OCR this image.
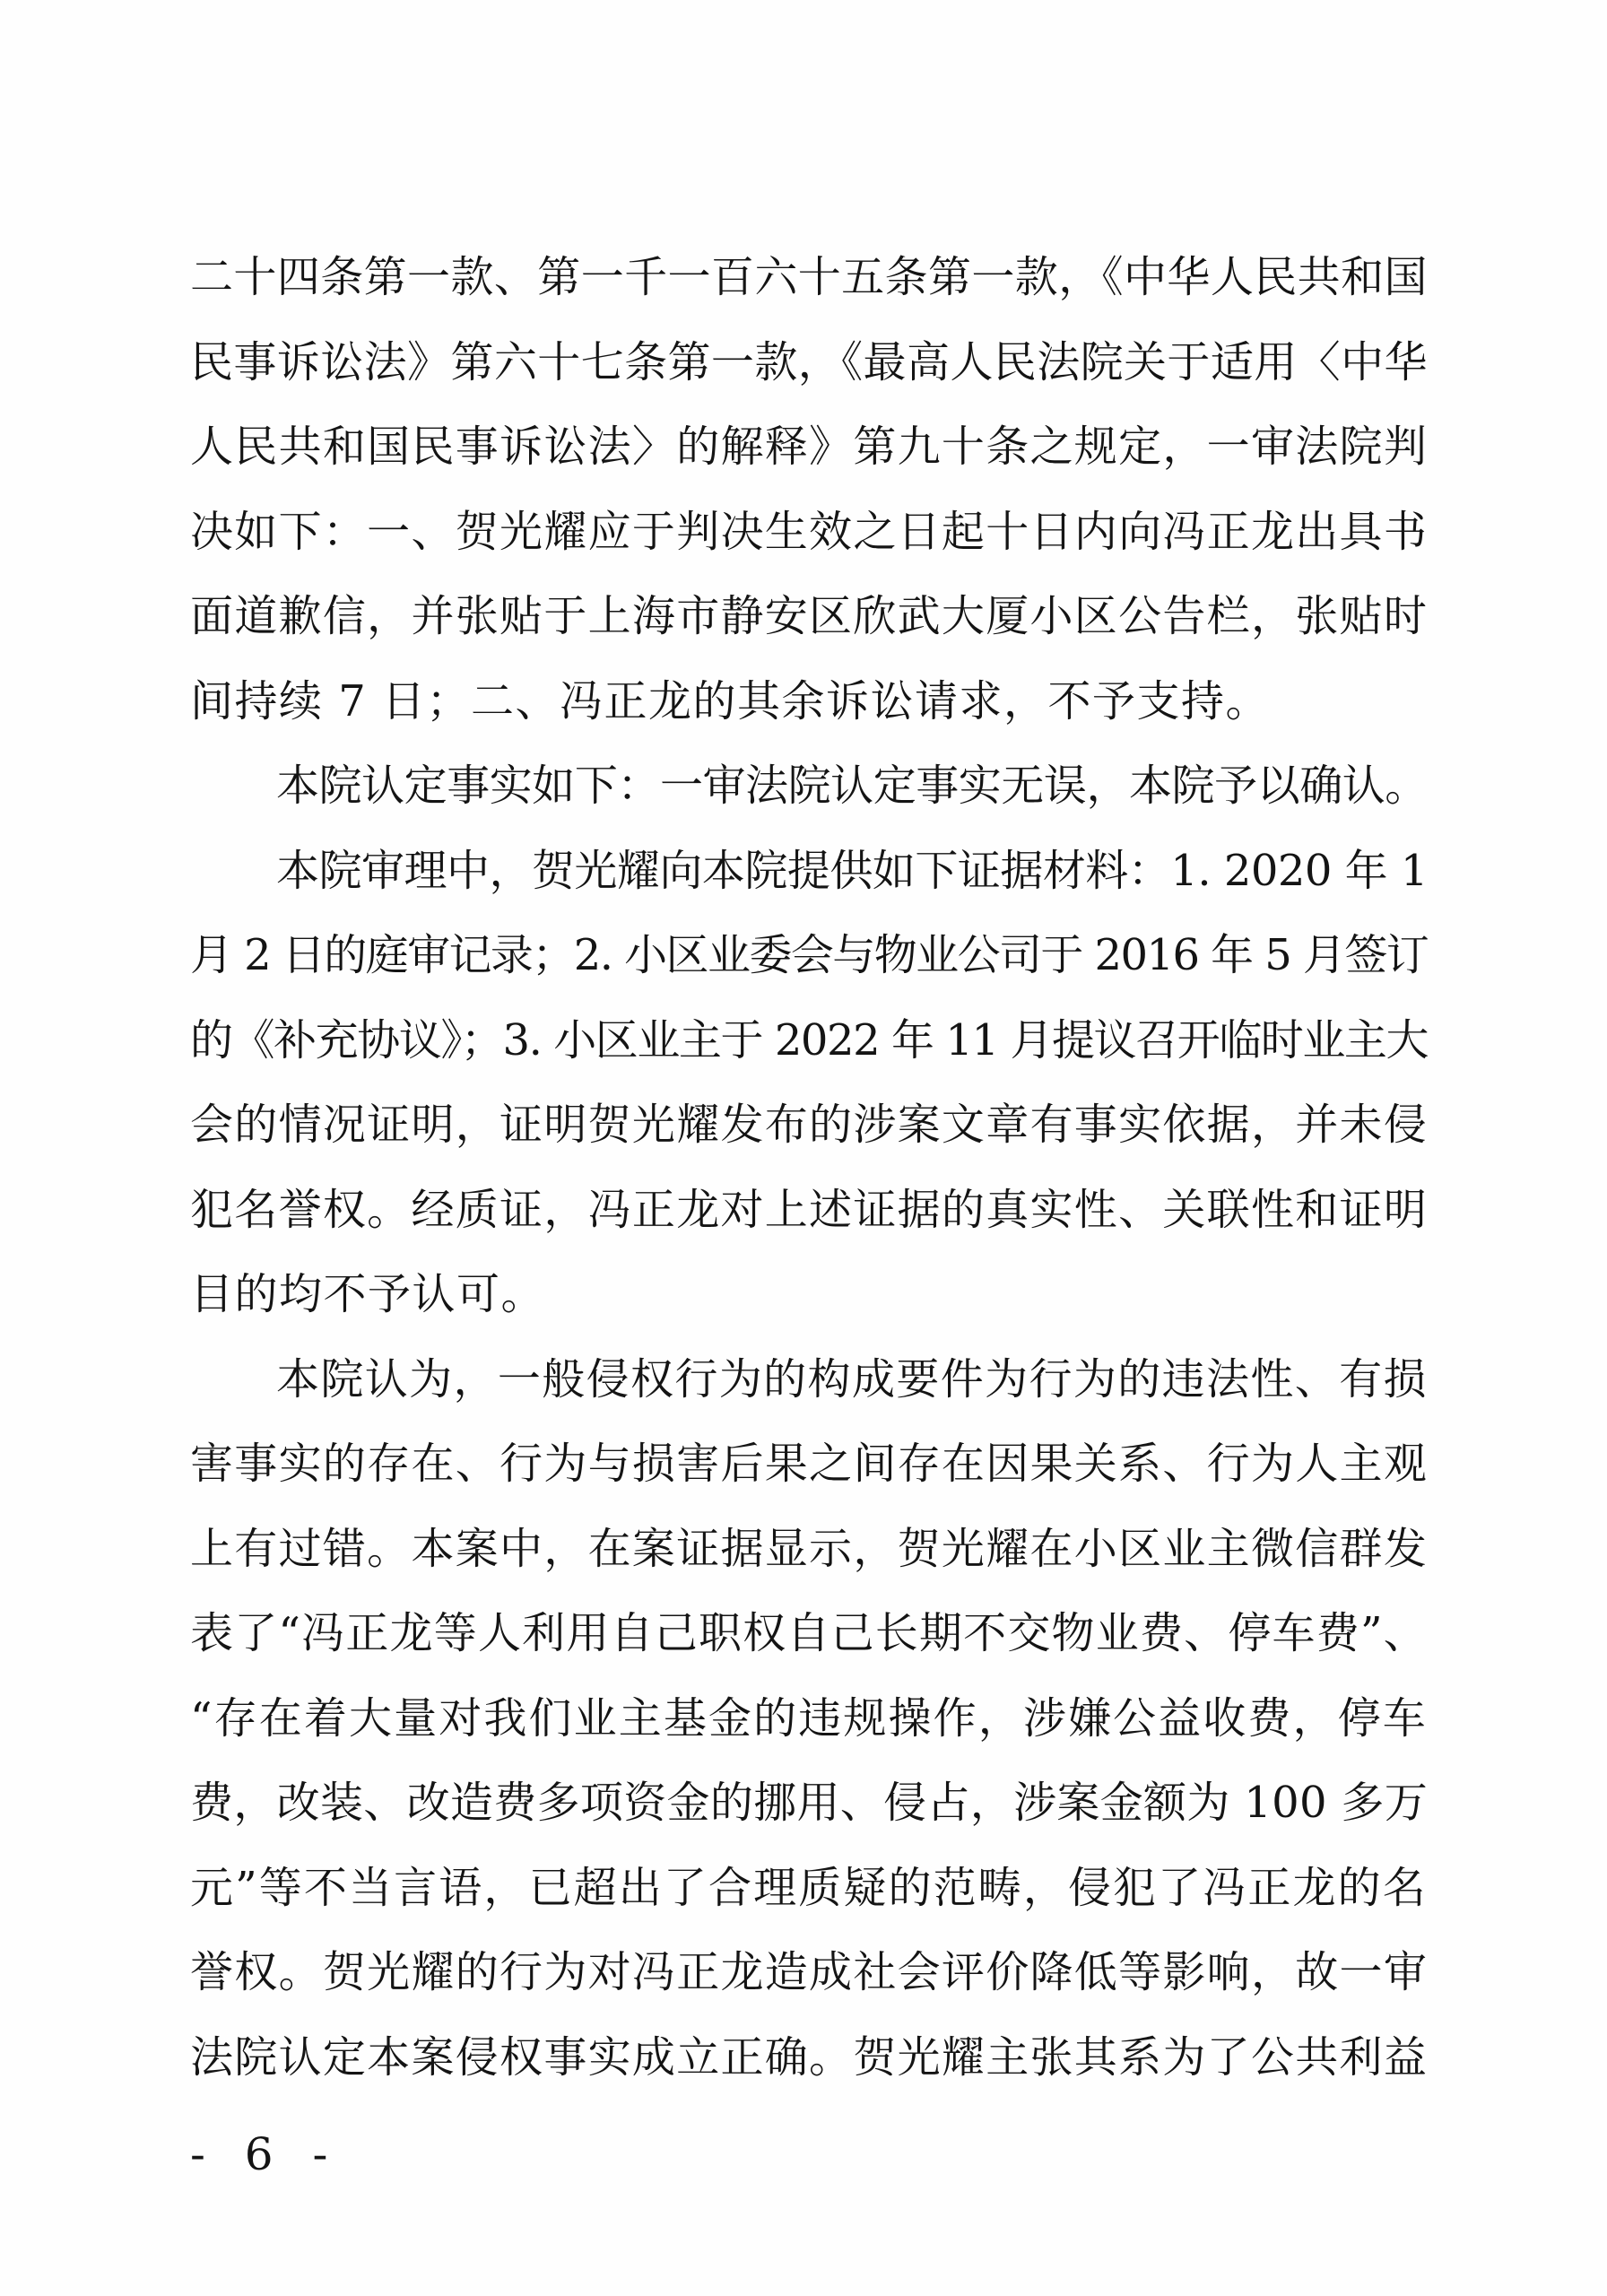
二十四条第一款、第一千一百六十五条第一款，《中华人民共和国
民事诉讼法》第六十七条第一款，《最高人民法院关于适用〈中华
人民共和国民事诉讼法〉的解释》第九十条之规定，一审法院判
决如下：一、贺光耀应于判决生效之日起十日内向冯正龙出具书
面道歉信，并张贴于上海市静安区欣武大厦小区公告栏，张贴时
间持续 7 日；二、冯正龙的其余诉讼请求，不予支持。
本院认定事实如下：一审法院认定事实无误，本院予以确认。
本院审理中，贺光耀向本院提供如下证据材料：1. 2020 年 1
月 2 日的庭审记录；2. 小区业委会与物业公司于 2016 年 5 月签订
的《补充协议》；3. 小区业主于 2022 年 11 月提议召开临时业主大
会的情况证明，证明贺光耀发布的涉案文章有事实依据，并未侵
犯名誉权。经质证，冯正龙对上述证据的真实性、关联性和证明
目的均不予认可。
本院认为，一般侵权行为的构成要件为行为的违法性、有损
害事实的存在、行为与损害后果之间存在因果关系、行为人主观
上有过错。本案中，在案证据显示，贺光耀在小区业主微信群发
表了“冯正龙等人利用自己职权自己长期不交物业费、停车费”、
“存在着大量对我们业主基金的违规操作，涉嫌公益收费，停车
费，改装、改造费多项资金的挪用、侵占，涉案金额为 100 多万
元”等不当言语，已超出了合理质疑的范畴，侵犯了冯正龙的名
誉权。贺光耀的行为对冯正龙造成社会评价降低等影响，故一审
法院认定本案侵权事实成立正确。贺光耀主张其系为了公共利益
- 6 -
